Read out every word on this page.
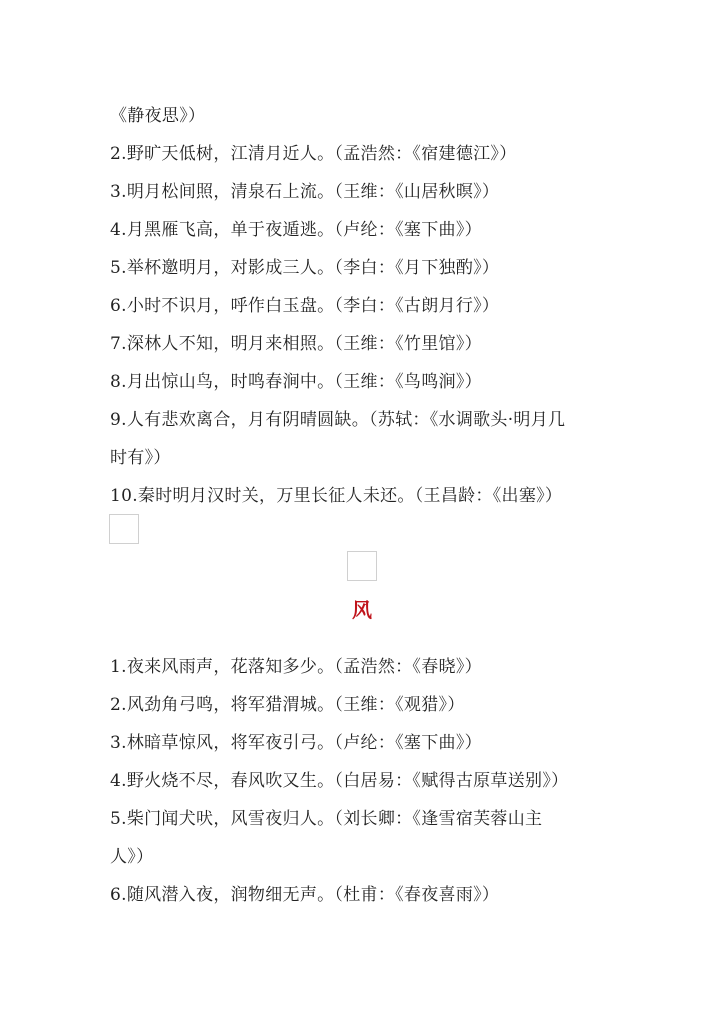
《静夜思》）
2.野旷天低树，江清月近人。（孟浩然：《宿建德江》）
3.明月松间照，清泉石上流。（王维：《山居秋暝》）
4.月黑雁飞高，单于夜遁逃。（卢纶：《塞下曲》）
5.举杯邀明月，对影成三人。（李白：《月下独酌》）
6.小时不识月，呼作白玉盘。（李白：《古朗月行》）
7.深林人不知，明月来相照。（王维：《竹里馆》）
8.月出惊山鸟，时鸣春涧中。（王维：《鸟鸣涧》）
9.人有悲欢离合，月有阴晴圆缺。（苏轼：《水调歌头·明月几
时有》）
10.秦时明月汉时关，万里长征人未还。（王昌龄：《出塞》）
风
1.夜来风雨声，花落知多少。（孟浩然：《春晓》）
2.风劲角弓鸣，将军猎渭城。（王维：《观猎》）
3.林暗草惊风，将军夜引弓。（卢纶：《塞下曲》）
4.野火烧不尽，春风吹又生。（白居易：《赋得古原草送别》）
5.柴门闻犬吠，风雪夜归人。（刘长卿：《逢雪宿芙蓉山主
人》）
6.随风潜入夜，润物细无声。（杜甫：《春夜喜雨》）
